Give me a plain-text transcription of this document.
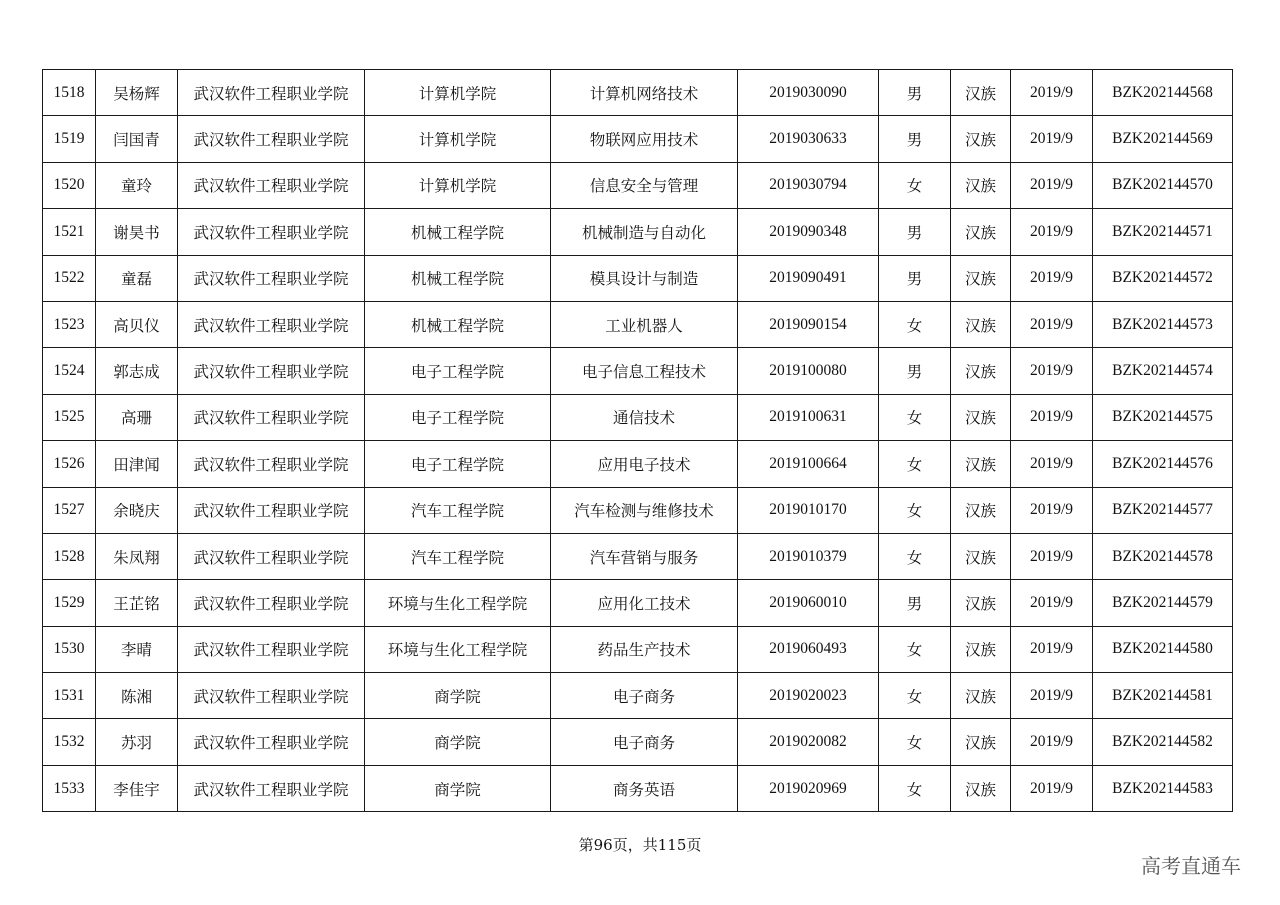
1518	吴杨辉	武汉软件工程职业学院	计算机学院	计算机网络技术	2019030090	男	汉族	2019/9	BZK202144568
1519	闫国青	武汉软件工程职业学院	计算机学院	物联网应用技术	2019030633	男	汉族	2019/9	BZK202144569
1520	童玲	武汉软件工程职业学院	计算机学院	信息安全与管理	2019030794	女	汉族	2019/9	BZK202144570
1521	谢昊书	武汉软件工程职业学院	机械工程学院	机械制造与自动化	2019090348	男	汉族	2019/9	BZK202144571
1522	童磊	武汉软件工程职业学院	机械工程学院	模具设计与制造	2019090491	男	汉族	2019/9	BZK202144572
1523	高贝仪	武汉软件工程职业学院	机械工程学院	工业机器人	2019090154	女	汉族	2019/9	BZK202144573
1524	郭志成	武汉软件工程职业学院	电子工程学院	电子信息工程技术	2019100080	男	汉族	2019/9	BZK202144574
1525	高珊	武汉软件工程职业学院	电子工程学院	通信技术	2019100631	女	汉族	2019/9	BZK202144575
1526	田津闻	武汉软件工程职业学院	电子工程学院	应用电子技术	2019100664	女	汉族	2019/9	BZK202144576
1527	余晓庆	武汉软件工程职业学院	汽车工程学院	汽车检测与维修技术	2019010170	女	汉族	2019/9	BZK202144577
1528	朱凤翔	武汉软件工程职业学院	汽车工程学院	汽车营销与服务	2019010379	女	汉族	2019/9	BZK202144578
1529	王芷铭	武汉软件工程职业学院	环境与生化工程学院	应用化工技术	2019060010	男	汉族	2019/9	BZK202144579
1530	李晴	武汉软件工程职业学院	环境与生化工程学院	药品生产技术	2019060493	女	汉族	2019/9	BZK202144580
1531	陈湘	武汉软件工程职业学院	商学院	电子商务	2019020023	女	汉族	2019/9	BZK202144581
1532	苏羽	武汉软件工程职业学院	商学院	电子商务	2019020082	女	汉族	2019/9	BZK202144582
1533	李佳宇	武汉软件工程职业学院	商学院	商务英语	2019020969	女	汉族	2019/9	BZK202144583
第96页，共115页
高考直通车
